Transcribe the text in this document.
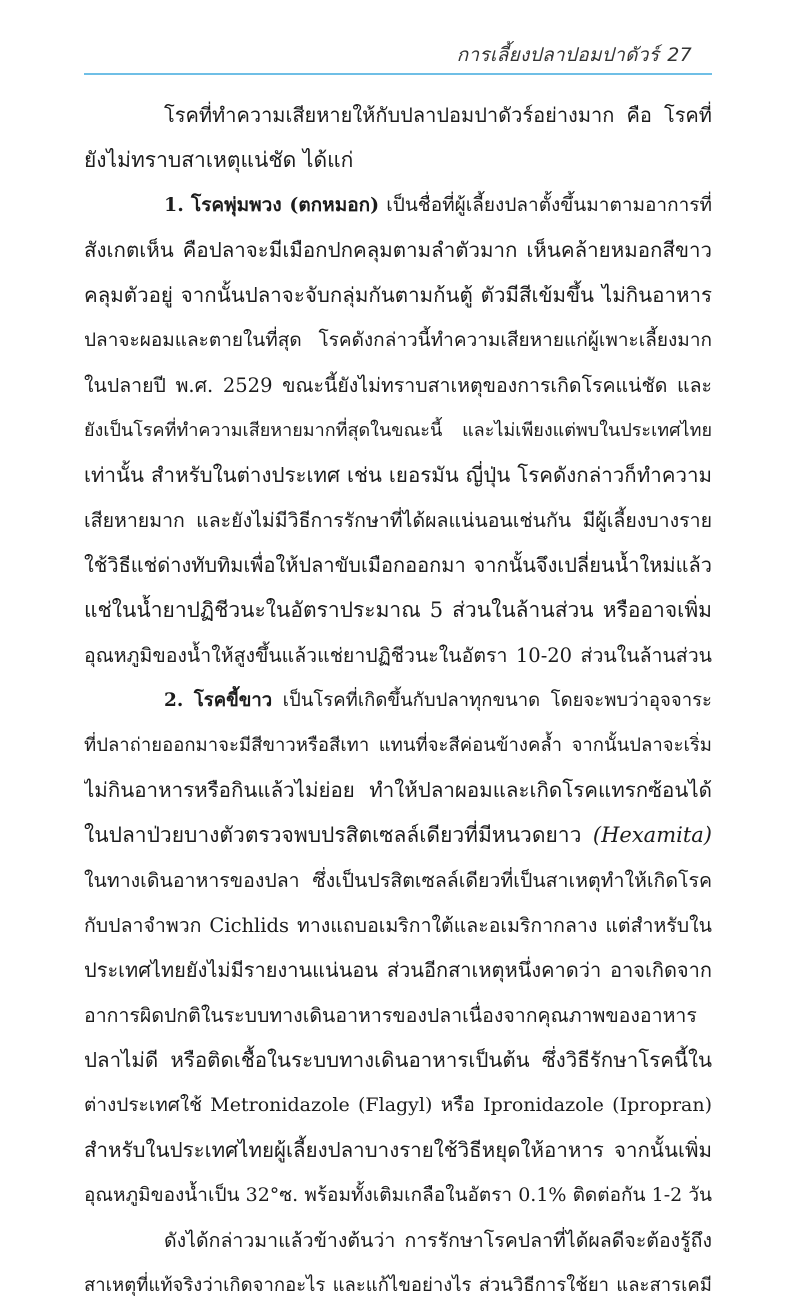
การเลี้ยงปลาปอมปาดัวร์ 27
โรคที่ทำความเสียหายให้กับปลาปอมปาดัวร์อย่างมาก คือ โรคที่
ยังไม่ทราบสาเหตุแน่ชัด ได้แก่
1. โรคพุ่มพวง (ตกหมอก) เป็นชื่อที่ผู้เลี้ยงปลาตั้งขึ้นมาตามอาการที่
สังเกตเห็น คือปลาจะมีเมือกปกคลุมตามลำตัวมาก เห็นคล้ายหมอกสีขาว
คลุมตัวอยู่ จากนั้นปลาจะจับกลุ่มกันตามก้นตู้ ตัวมีสีเข้มขึ้น ไม่กินอาหาร
ปลาจะผอมและตายในที่สุด โรคดังกล่าวนี้ทำความเสียหายแก่ผู้เพาะเลี้ยงมาก
ในปลายปี พ.ศ. 2529 ขณะนี้ยังไม่ทราบสาเหตุของการเกิดโรคแน่ชัด และ
ยังเป็นโรคที่ทำความเสียหายมากที่สุดในขณะนี้ และไม่เพียงแต่พบในประเทศไทย
เท่านั้น สำหรับในต่างประเทศ เช่น เยอรมัน ญี่ปุ่น โรคดังกล่าวก็ทำความ
เสียหายมาก และยังไม่มีวิธีการรักษาที่ได้ผลแน่นอนเช่นกัน มีผู้เลี้ยงบางราย
ใช้วิธีแช่ด่างทับทิมเพื่อให้ปลาขับเมือกออกมา จากนั้นจึงเปลี่ยนน้ำใหม่แล้ว
แช่ในน้ำยาปฏิชีวนะในอัตราประมาณ 5 ส่วนในล้านส่วน หรืออาจเพิ่ม
อุณหภูมิของน้ำให้สูงขึ้นแล้วแช่ยาปฏิชีวนะในอัตรา 10-20 ส่วนในล้านส่วน
2. โรคขี้ขาว เป็นโรคที่เกิดขึ้นกับปลาทุกขนาด โดยจะพบว่าอุจจาระ
ที่ปลาถ่ายออกมาจะมีสีขาวหรือสีเทา แทนที่จะสีค่อนข้างคล้ำ จากนั้นปลาจะเริ่ม
ไม่กินอาหารหรือกินแล้วไม่ย่อย ทำให้ปลาผอมและเกิดโรคแทรกซ้อนได้
ในปลาป่วยบางตัวตรวจพบปรสิตเซลล์เดียวที่มีหนวดยาว (Hexamita)
ในทางเดินอาหารของปลา ซึ่งเป็นปรสิตเซลล์เดียวที่เป็นสาเหตุทำให้เกิดโรค
กับปลาจำพวก Cichlids ทางแถบอเมริกาใต้และอเมริกากลาง แต่สำหรับใน
ประเทศไทยยังไม่มีรายงานแน่นอน ส่วนอีกสาเหตุหนึ่งคาดว่า อาจเกิดจาก
อาการผิดปกติในระบบทางเดินอาหารของปลาเนื่องจากคุณภาพของอาหาร
ปลาไม่ดี หรือติดเชื้อในระบบทางเดินอาหารเป็นต้น ซึ่งวิธีรักษาโรคนี้ใน
ต่างประเทศใช้ Metronidazole (Flagyl) หรือ Ipronidazole (Ipropran)
สำหรับในประเทศไทยผู้เลี้ยงปลาบางรายใช้วิธีหยุดให้อาหาร จากนั้นเพิ่ม
อุณหภูมิของน้ำเป็น 32°ซ. พร้อมทั้งเติมเกลือในอัตรา 0.1% ติดต่อกัน 1-2 วัน
ดังได้กล่าวมาแล้วข้างต้นว่า การรักษาโรคปลาที่ได้ผลดีจะต้องรู้ถึง
สาเหตุที่แท้จริงว่าเกิดจากอะไร และแก้ไขอย่างไร ส่วนวิธีการใช้ยา และสารเคมี
